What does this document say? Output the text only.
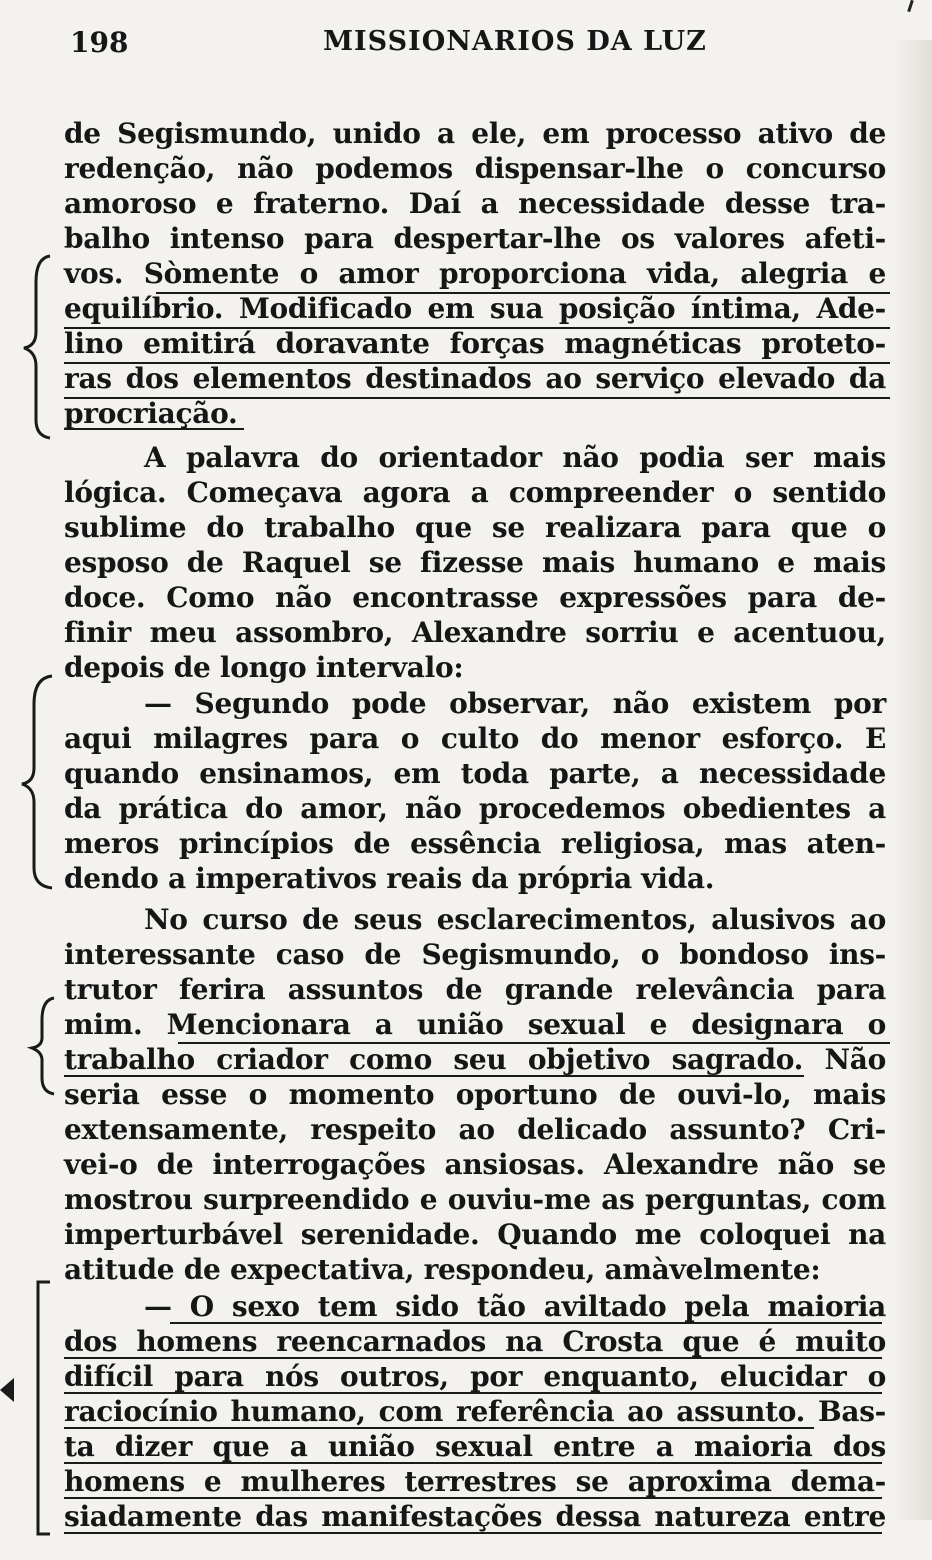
198	MISSIONARIOS DA LUZ
de Segismundo, unido a ele, em processo ativo de
redenção, não podemos dispensar-lhe o concurso
amoroso e fraterno. Daí a necessidade desse tra-
balho intenso para despertar-lhe os valores afeti-
vos. Sòmente o amor proporciona vida, alegria e
equilíbrio. Modificado em sua posição íntima, Ade-
lino emitirá doravante forças magnéticas proteto-
ras dos elementos destinados ao serviço elevado da
procriação.
A palavra do orientador não podia ser mais
lógica. Começava agora a compreender o sentido
sublime do trabalho que se realizara para que o
esposo de Raquel se fizesse mais humano e mais
doce. Como não encontrasse expressões para de-
finir meu assombro, Alexandre sorriu e acentuou,
depois de longo intervalo:
— Segundo pode observar, não existem por
aqui milagres para o culto do menor esforço. E
quando ensinamos, em toda parte, a necessidade
da prática do amor, não procedemos obedientes a
meros princípios de essência religiosa, mas aten-
dendo a imperativos reais da própria vida.
No curso de seus esclarecimentos, alusivos ao
interessante caso de Segismundo, o bondoso ins-
trutor ferira assuntos de grande relevância para
mim. Mencionara a união sexual e designara o
trabalho criador como seu objetivo sagrado. Não
seria esse o momento oportuno de ouvi-lo, mais
extensamente, respeito ao delicado assunto? Cri-
vei-o de interrogações ansiosas. Alexandre não se
mostrou surpreendido e ouviu-me as perguntas, com
imperturbável serenidade. Quando me coloquei na
atitude de expectativa, respondeu, amàvelmente:
— O sexo tem sido tão aviltado pela maioria
dos homens reencarnados na Crosta que é muito
difícil para nós outros, por enquanto, elucidar o
raciocínio humano, com referência ao assunto. Bas-
ta dizer que a união sexual entre a maioria dos
homens e mulheres terrestres se aproxima dema-
siadamente das manifestações dessa natureza entre
